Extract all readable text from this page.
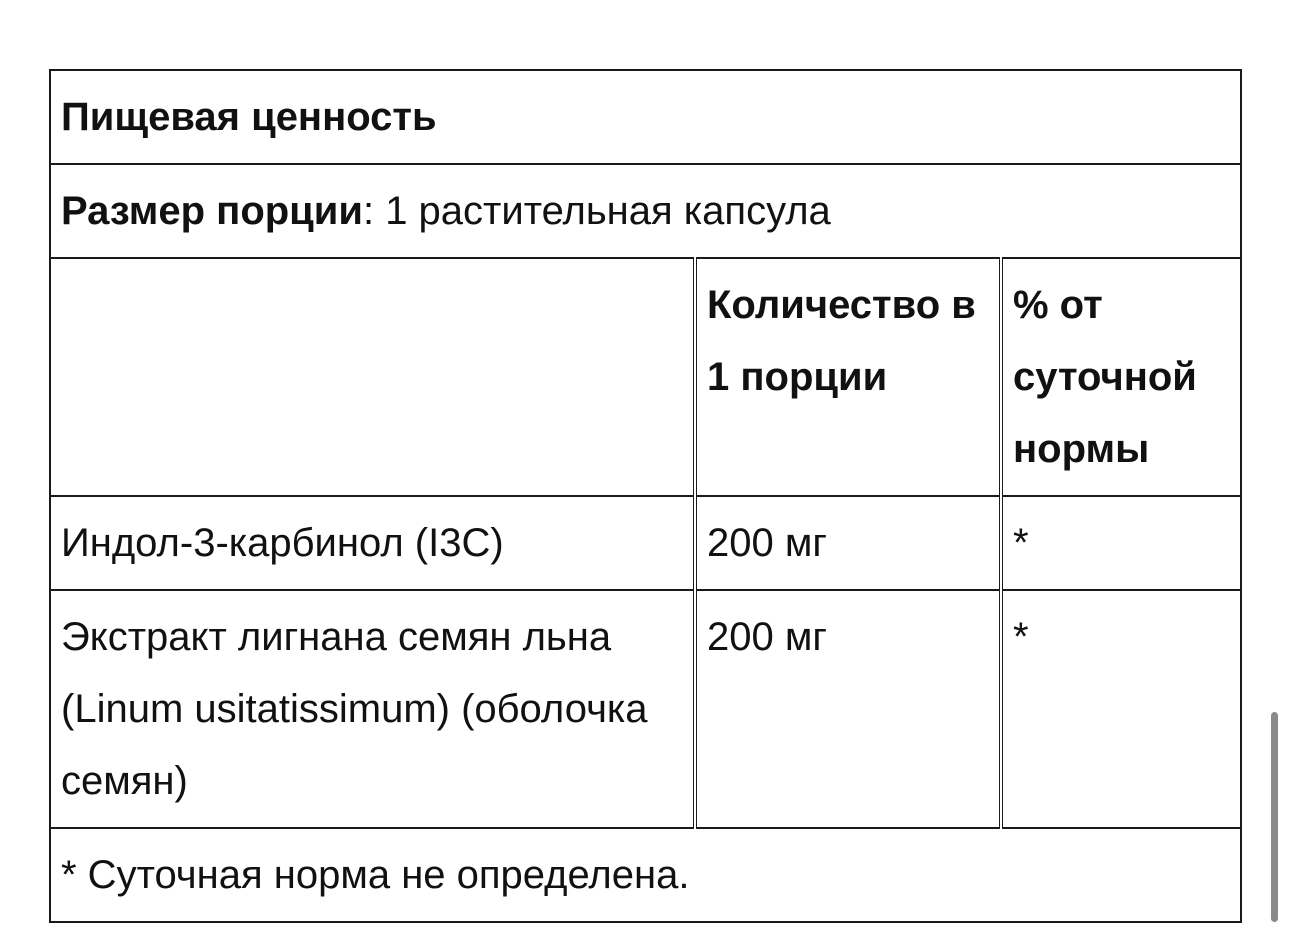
Пищевая ценность		
Размер порции: 1 растительная капсула		
	Количество в 1 порции	% от суточной нормы
Индол-3-карбинол (I3C)	200 мг	*
Экстракт лигнана семян льна (Linum usitatissimum) (оболочка семян)	200 мг	*
* Суточная норма не определена.		
